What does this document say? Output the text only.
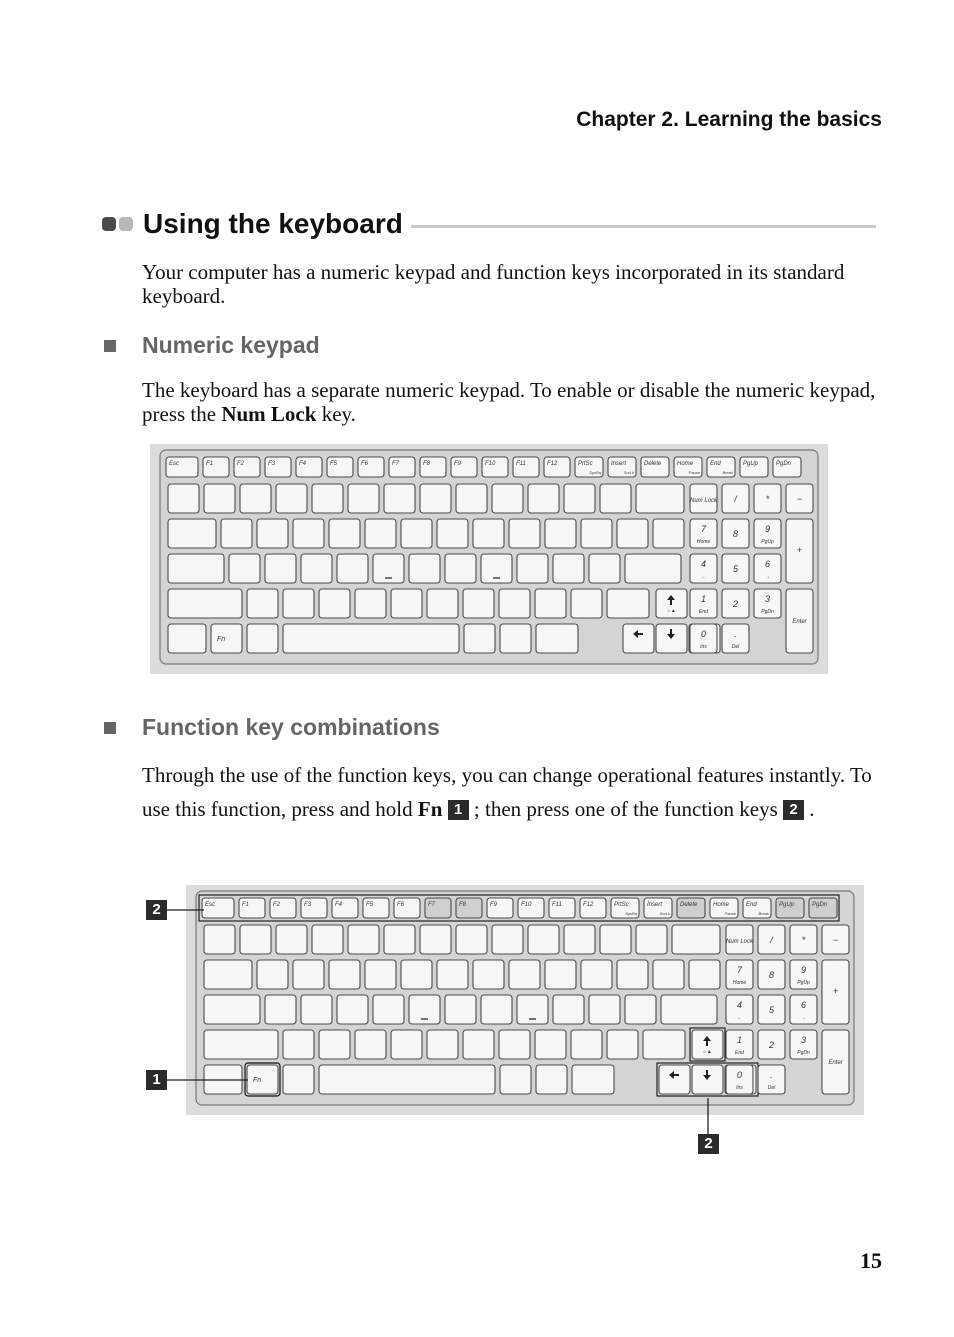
Chapter 2. Learning the basics
Using the keyboard
Your computer has a numeric keypad and function keys incorporated in its standard keyboard.
Numeric keypad
The keyboard has a separate numeric keypad. To enable or disable the numeric keypad, press the Num Lock key.
Esc	F1	F2	F3	F4	F5	F6	F7	F8	F9	F10	F11	F12	PrtSc
SysRq
Insert
ScrLk
Delete	Home
Pause
End
Break
PgUp	PgDn
Fn
☼▲
Num Lock /	*	−
7
Home
8	9
PgUp
+
4
←
5	6
→
1
End
2	3
PgDn
Enter
0
Ins
.
Del
Function key combinations
Through the use of the function keys, you can change operational features instantly. To use this function, press and hold Fn 1 ; then press one of the function keys 2 .
Esc	F1	F2	F3	F4	F5	F6	F7	F8	F9	F10	F11	F12	PrtSc
SysRq
Insert
ScrLk
Delete	Home
Pause
End
Break
PgUp	PgDn
Fn
☼▲
Num Lock /	*	−
7
Home
8	9
PgUp
+
4
←
5	6
→
1
End
2	3
PgDn
Enter
0
Ins
.
Del
2
1
2
15
